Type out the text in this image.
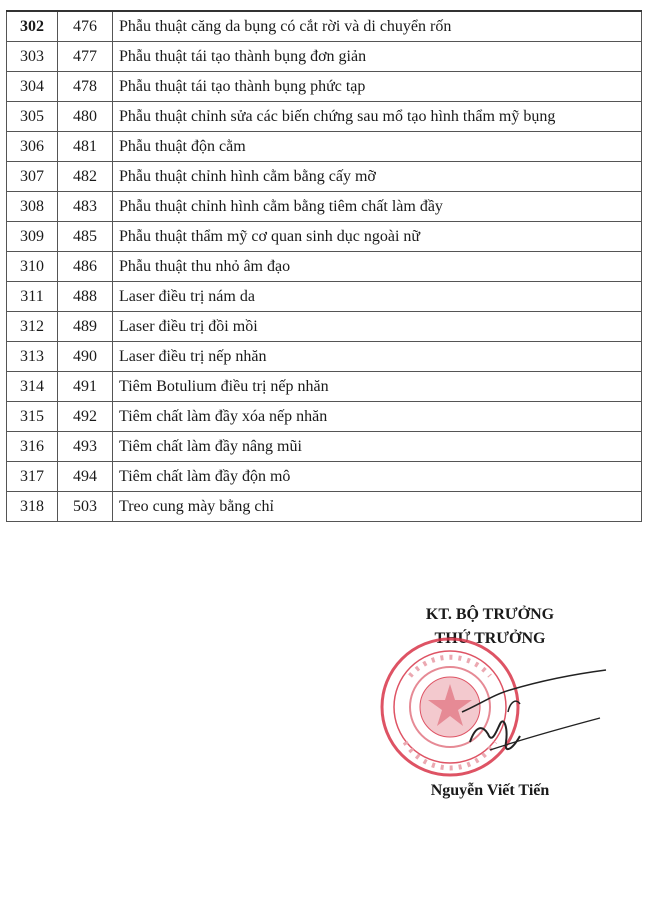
302	476	Phẫu thuật căng da bụng có cắt rời và di chuyển rốn
303	477	Phẫu thuật tái tạo thành bụng đơn giản
304	478	Phẫu thuật tái tạo thành bụng phức tạp
305	480	Phẫu thuật chỉnh sửa các biến chứng sau mổ tạo hình thẩm mỹ bụng
306	481	Phẫu thuật độn cằm
307	482	Phẫu thuật chỉnh hình cằm bằng cấy mỡ
308	483	Phẫu thuật chỉnh hình cằm bằng tiêm chất làm đầy
309	485	Phẫu thuật thẩm mỹ cơ quan sinh dục ngoài nữ
310	486	Phẫu thuật thu nhỏ âm đạo
311	488	Laser điều trị nám da
312	489	Laser điều trị đồi mồi
313	490	Laser điều trị nếp nhăn
314	491	Tiêm Botulium điều trị nếp nhăn
315	492	Tiêm chất làm đầy xóa nếp nhăn
316	493	Tiêm chất làm đầy nâng mũi
317	494	Tiêm chất làm đầy độn mô
318	503	Treo cung mày bằng chỉ
KT. BỘ TRƯỞNG
THỨ TRƯỞNG
Nguyễn Viết Tiến
